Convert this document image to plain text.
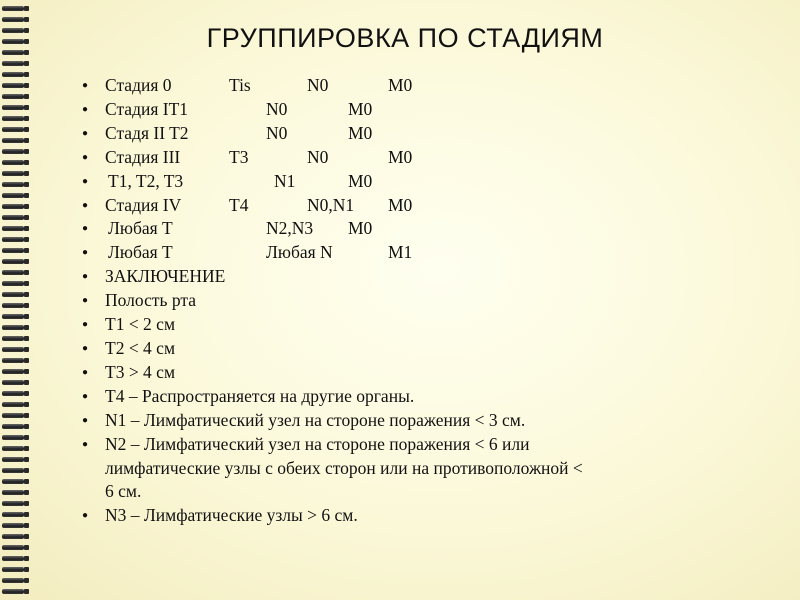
ГРУППИРОВКА ПО СТАДИЯМ
● Стадия 0	Tis	N0	M0
● Стадия IT1	N0	M0
● Стадя II T2	N0	M0
● Стадия III	T3	N0	M0
● T1, T2, T3	N1	M0
● Стадия IV	T4	N0,N1 M0
● Любая T	N2,N3 M0
● Любая T	Любая N	M1
● ЗАКЛЮЧЕНИЕ
● Полость рта
● T1 < 2 см
● T2 < 4 см
● T3 > 4 см
● T4 – Распространяется на другие органы.
● N1 – Лимфатический узел на стороне поражения < 3 см.
● N2 – Лимфатический узел на стороне поражения < 6 или
лимфатические узлы с обеих сторон или на противоположной <
6 см.
● N3 – Лимфатические узлы > 6 см.
